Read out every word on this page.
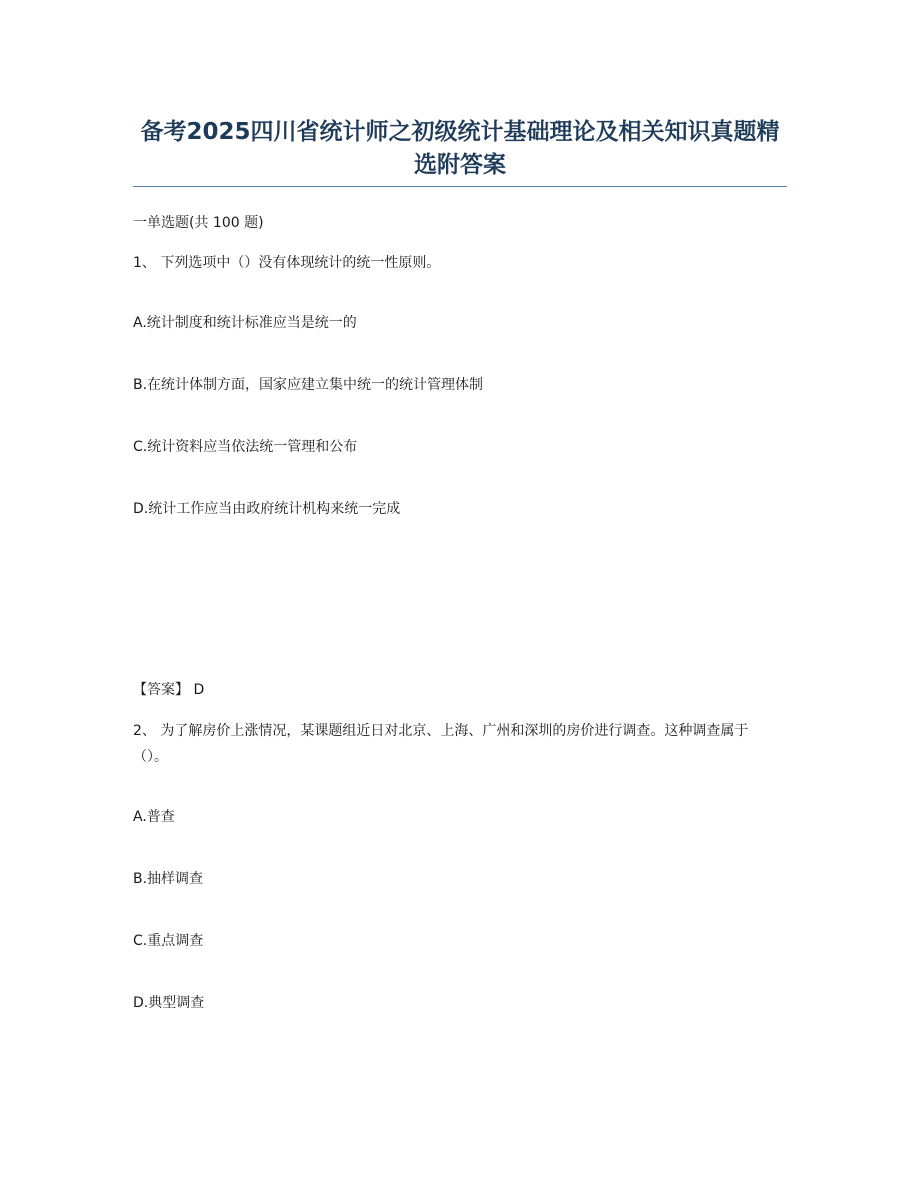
备考2025四川省统计师之初级统计基础理论及相关知识真题精选附答案

一单选题(共 100 题)

1、 下列选项中（）没有体现统计的统一性原则。

A.统计制度和统计标准应当是统一的

B.在统计体制方面，国家应建立集中统一的统计管理体制

C.统计资料应当依法统一管理和公布

D.统计工作应当由政府统计机构来统一完成

【答案】 D

2、 为了解房价上涨情况，某课题组近日对北京、上海、广州和深圳的房价进行调查。这种调查属于（）。

A.普查

B.抽样调查

C.重点调查

D.典型调查
